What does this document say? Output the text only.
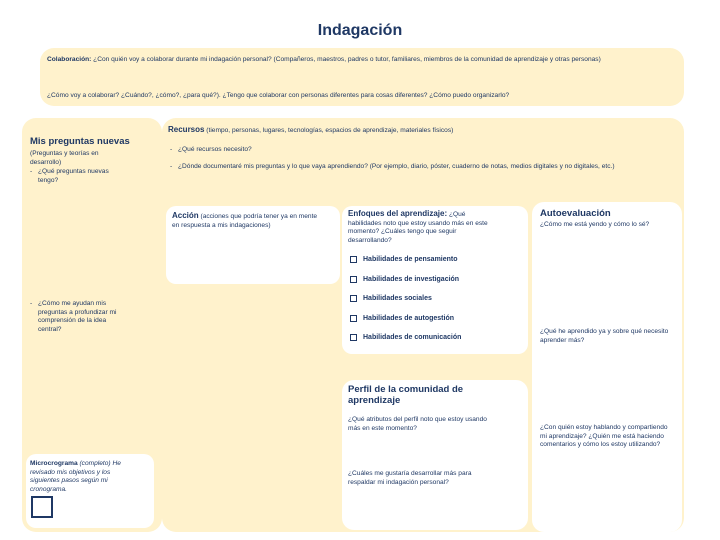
Indagación
Colaboración: ¿Con quién voy a colaborar durante mi indagación personal? (Compañeros, maestros, padres o tutor, familiares, miembros de la comunidad de aprendizaje y otras personas)
¿Cómo voy a colaborar? ¿Cuándo?, ¿cómo?, ¿para qué?). ¿Tengo que colaborar con personas diferentes para cosas diferentes? ¿Cómo puedo organizarlo?
Mis preguntas nuevas
(Preguntas y teorías en desarrollo)
- ¿Qué preguntas nuevas tengo?
- ¿Cómo me ayudan mis preguntas a profundizar mi comprensión de la idea central?
Microcrograma (completo) He revisado mis objetivos y los siguientes pasos según mi cronograma.
Recursos (tiempo, personas, lugares, tecnologías, espacios de aprendizaje, materiales físicos)
- ¿Qué recursos necesito?
- ¿Dónde documentaré mis preguntas y lo que vaya aprendiendo? (Por ejemplo, diario, póster, cuaderno de notas, medios digitales y no digitales, etc.)
Acción (acciones que podría tener ya en mente en respuesta a mis indagaciones)
Enfoques del aprendizaje: ¿Qué habilidades noto que estoy usando más en este momento? ¿Cuáles tengo que seguir desarrollando?
Habilidades de pensamiento
Habilidades de investigación
Habilidades sociales
Habilidades de autogestión
Habilidades de comunicación
Autoevaluación
¿Cómo me está yendo y cómo lo sé?
¿Qué he aprendido ya y sobre qué necesito aprender más?
¿Con quién estoy hablando y compartiendo mi aprendizaje? ¿Quién me está haciendo comentarios y cómo los estoy utilizando?
Perfil de la comunidad de aprendizaje
¿Qué atributos del perfil noto que estoy usando más en este momento?
¿Cuáles me gustaría desarrollar más para respaldar mi indagación personal?
